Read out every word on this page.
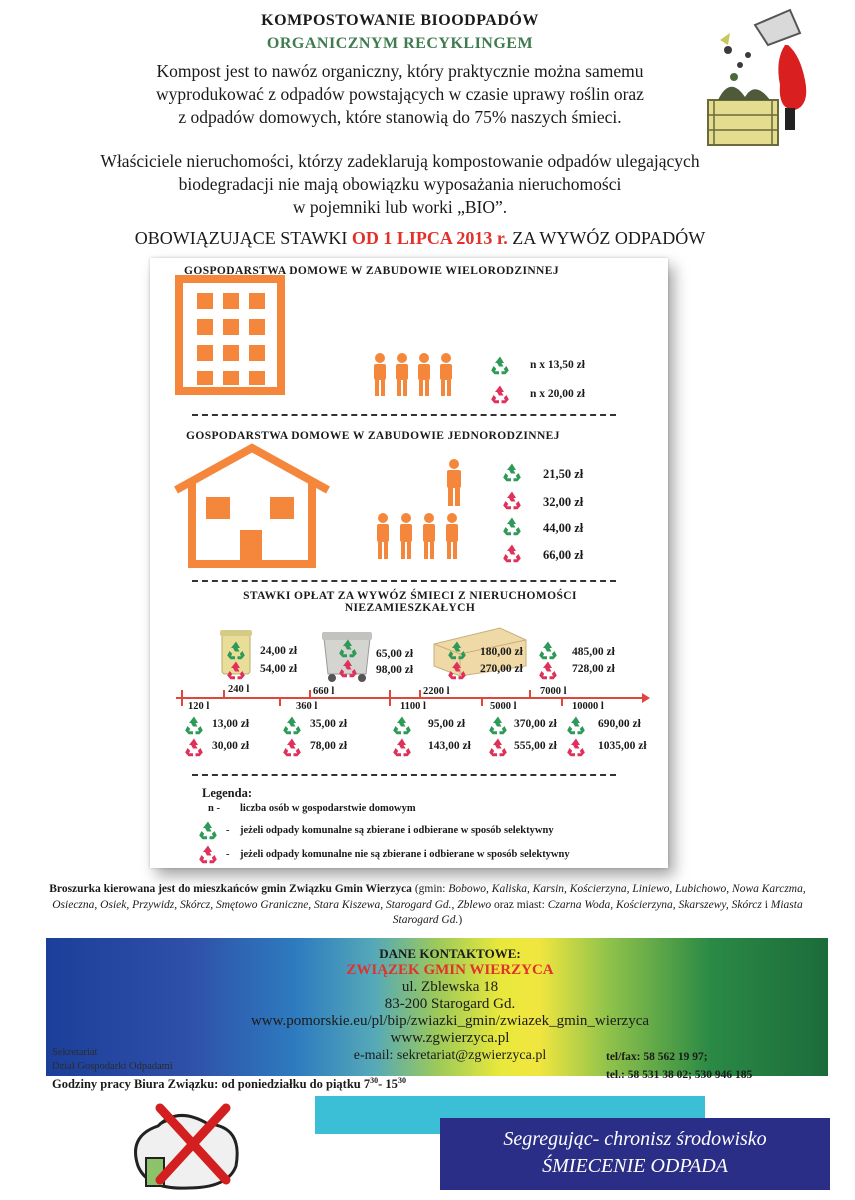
KOMPOSTOWANIE BIOODPADÓW
ORGANICZNYM RECYKLINGEM
Kompost jest to nawóz organiczny, który praktycznie można samemu
wyprodukować z odpadów powstających w czasie uprawy roślin oraz
z odpadów domowych, które stanowią do 75% naszych śmieci.
Właściciele nieruchomości, którzy zadeklarują kompostowanie odpadów ulegających
biodegradacji nie mają obowiązku wyposażania nieruchomości
w pojemniki lub worki „BIO”.
OBOWIĄZUJĄCE STAWKI OD 1 LIPCA 2013 r. ZA WYWÓZ ODPADÓW
GOSPODARSTWA DOMOWE W ZABUDOWIE WIELORODZINNEJ
n x 13,50 zł
n x 20,00 zł
GOSPODARSTWA DOMOWE W ZABUDOWIE JEDNORODZINNEJ
21,50 zł
32,00 zł
44,00 zł
66,00 zł
STAWKI OPŁAT ZA WYWÓZ ŚMIECI Z NIERUCHOMOŚCI
NIEZAMIESZKAŁYCH
24,00 zł
54,00 zł
240 l
65,00 zł
98,00 zł
660 l
180,00 zł
270,00 zł
2200 l
485,00 zł
728,00 zł
7000 l
120 l
13,00 zł
30,00 zł
360 l
35,00 zł
78,00 zł
1100 l
95,00 zł
143,00 zł
5000 l
370,00 zł
555,00 zł
10000 l
690,00 zł
1035,00 zł
Legenda:
n - liczba osób w gospodarstwie domowym
- jeżeli odpady komunalne są zbierane i odbierane w sposób selektywny
- jeżeli odpady komunalne nie są zbierane i odbierane w sposób selektywny
Broszurka kierowana jest do mieszkańców gmin Związku Gmin Wierzyca (gmin: Bobowo, Kaliska, Karsin, Kościerzyna, Liniewo, Lubichowo, Nowa Karczma, Osieczna, Osiek, Przywidz, Skórcz, Smętowo Graniczne, Stara Kiszewa, Starogard Gd., Zblewo oraz miast: Czarna Woda, Kościerzyna, Skarszewy, Skórcz i Miasta Starogard Gd.)
DANE KONTAKTOWE:
ZWIĄZEK GMIN WIERZYCA
ul. Zblewska 18
83-200 Starogard Gd.
www.pomorskie.eu/pl/bip/zwiazki_gmin/zwiazek_gmin_wierzyca
www.zgwierzyca.pl
e-mail: sekretariat@zgwierzyca.pl
Sekretariat
Dział Gospodarki Odpadami
tel/fax: 58 562 19 97;
tel.: 58 531 38 02; 530 946 185
Godziny pracy Biura Związku: od poniedziałku do piątku $7^{30}-$ $15^{30}$
Segregując- chronisz środowisko
ŚMIECENIE ODPADA
